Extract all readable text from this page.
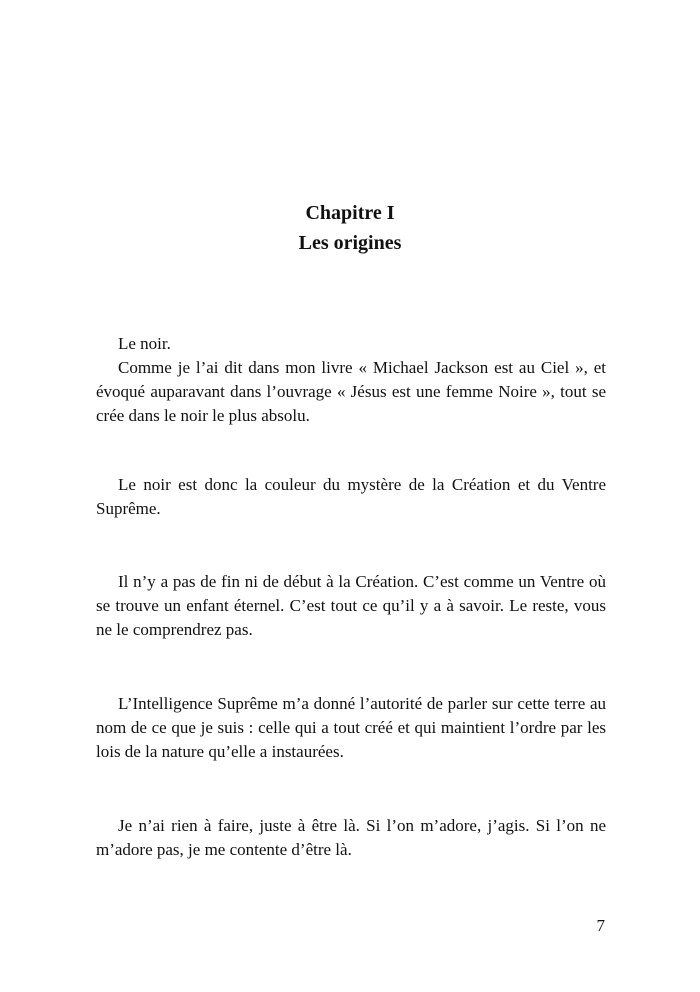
Chapitre I
Les origines

Le noir.

Comme je l’ai dit dans mon livre « Michael Jackson est au Ciel », et évoqué auparavant dans l’ouvrage « Jésus est une femme Noire », tout se crée dans le noir le plus absolu.

Le noir est donc la couleur du mystère de la Création et du Ventre Suprême.

Il n’y a pas de fin ni de début à la Création. C’est comme un Ventre où se trouve un enfant éternel. C’est tout ce qu’il y a à savoir. Le reste, vous ne le comprendrez pas.

L’Intelligence Suprême m’a donné l’autorité de parler sur cette terre au nom de ce que je suis : celle qui a tout créé et qui maintient l’ordre par les lois de la nature qu’elle a instaurées.

Je n’ai rien à faire, juste à être là. Si l’on m’adore, j’agis. Si l’on ne m’adore pas, je me contente d’être là.

7
